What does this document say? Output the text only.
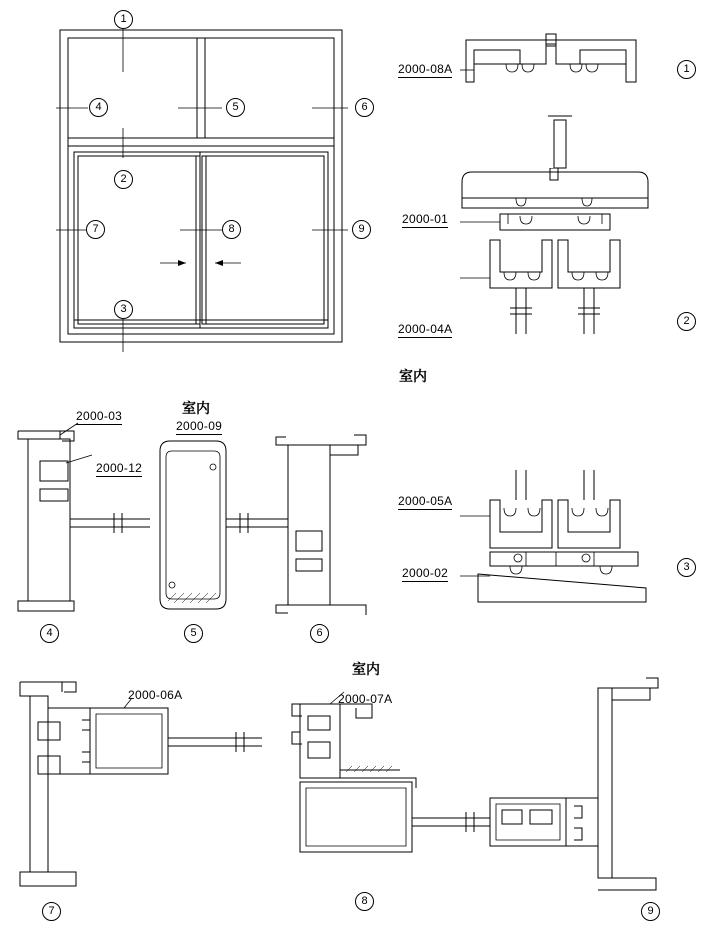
1
2
3
4	5	6
7	8	9
2000-08A	1
2000-01
2000-04A
室内
2
2000-05A
2000-02	3
2000-03
2000-12
室内
2000-09
4	5	6
2000-06A
室内
2000-07A
7
8
9
